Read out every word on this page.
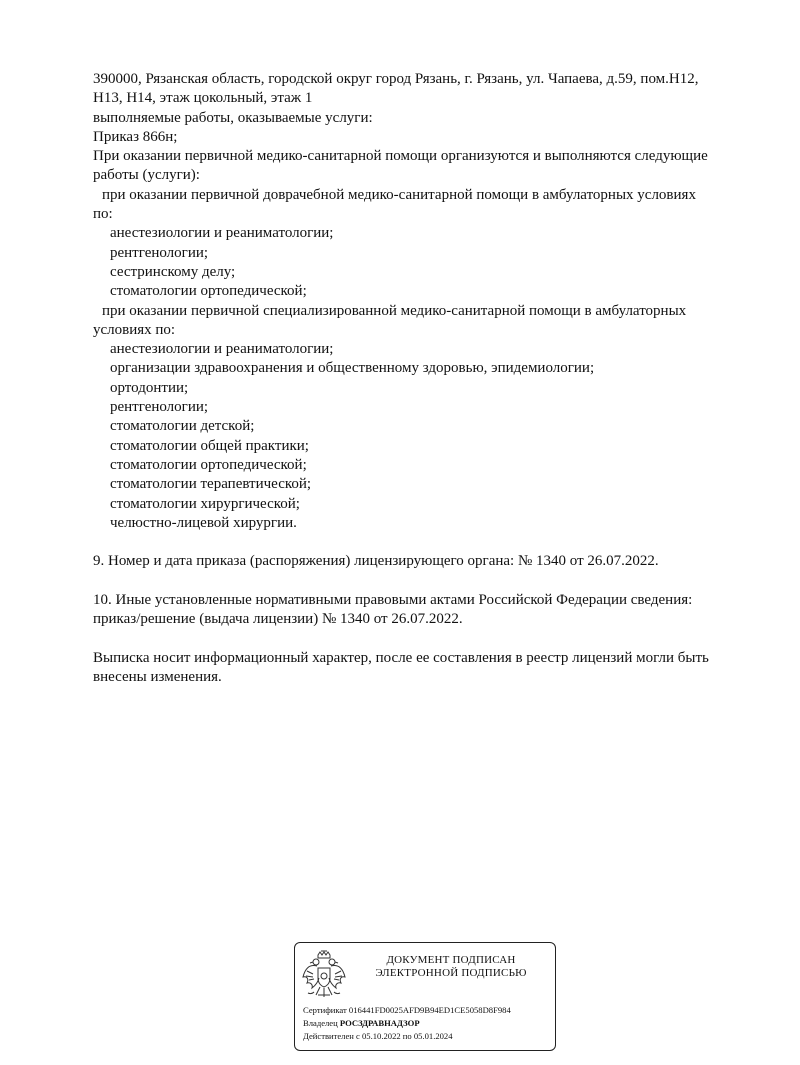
390000, Рязанская область, городской округ город Рязань, г. Рязань, ул. Чапаева, д.59, пом.Н12,
Н13, Н14, этаж цокольный, этаж 1
выполняемые работы, оказываемые услуги:
Приказ 866н;
При оказании первичной медико-санитарной помощи организуются и выполняются следующие
работы (услуги):
при оказании первичной доврачебной медико-санитарной помощи в амбулаторных условиях
по:
анестезиологии и реаниматологии;
рентгенологии;
сестринскому делу;
стоматологии ортопедической;
при оказании первичной специализированной медико-санитарной помощи в амбулаторных
условиях по:
анестезиологии и реаниматологии;
организации здравоохранения и общественному здоровью, эпидемиологии;
ортодонтии;
рентгенологии;
стоматологии детской;
стоматологии общей практики;
стоматологии ортопедической;
стоматологии терапевтической;
стоматологии хирургической;
челюстно-лицевой хирургии.
9. Номер и дата приказа (распоряжения) лицензирующего органа: № 1340 от 26.07.2022.
10. Иные установленные нормативными правовыми актами Российской Федерации сведения:
приказ/решение (выдача лицензии) № 1340 от 26.07.2022.
Выписка носит информационный характер, после ее составления в реестр лицензий могли быть
внесены изменения.
ДОКУМЕНТ ПОДПИСАН
ЭЛЕКТРОННОЙ ПОДПИСЬЮ
Сертификат 016441FD0025AFD9B94ED1CE5058D8F984
Владелец РОСЗДРАВНАДЗОР
Действителен с 05.10.2022 по 05.01.2024
